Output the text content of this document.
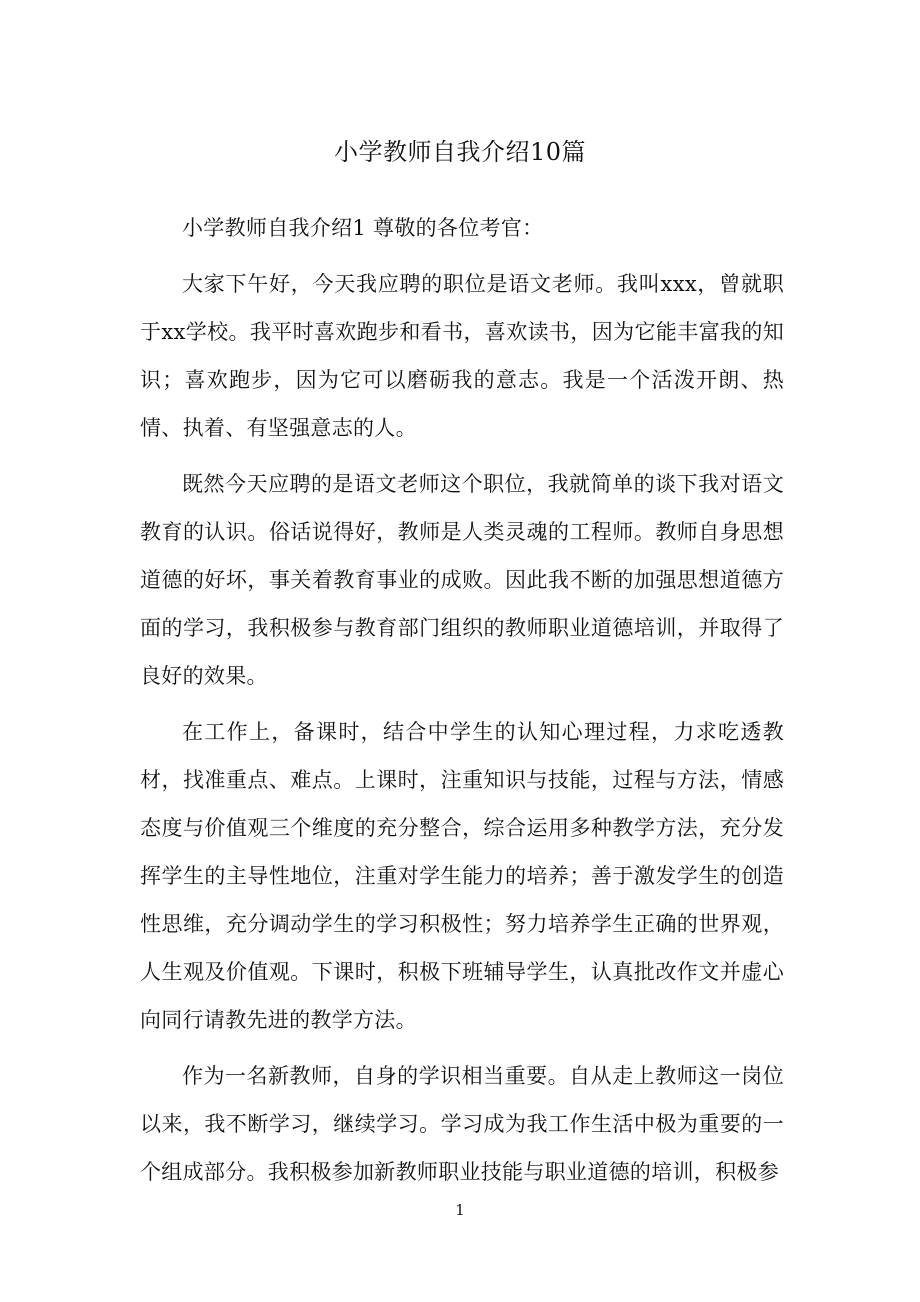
小学教师自我介绍10篇

小学教师自我介绍1 尊敬的各位考官：

大家下午好，今天我应聘的职位是语文老师。我叫xxx，曾就职于xx学校。我平时喜欢跑步和看书，喜欢读书，因为它能丰富我的知识；喜欢跑步，因为它可以磨砺我的意志。我是一个活泼开朗、热情、执着、有坚强意志的人。

既然今天应聘的是语文老师这个职位，我就简单的谈下我对语文教育的认识。俗话说得好，教师是人类灵魂的工程师。教师自身思想道德的好坏，事关着教育事业的成败。因此我不断的加强思想道德方面的学习，我积极参与教育部门组织的教师职业道德培训，并取得了良好的效果。

在工作上，备课时，结合中学生的认知心理过程，力求吃透教材，找准重点、难点。上课时，注重知识与技能，过程与方法，情感态度与价值观三个维度的充分整合，综合运用多种教学方法，充分发挥学生的主导性地位，注重对学生能力的培养；善于激发学生的创造性思维，充分调动学生的学习积极性；努力培养学生正确的世界观，人生观及价值观。下课时，积极下班辅导学生，认真批改作文并虚心向同行请教先进的教学方法。

作为一名新教师，自身的学识相当重要。自从走上教师这一岗位以来，我不断学习，继续学习。学习成为我工作生活中极为重要的一个组成部分。我积极参加新教师职业技能与职业道德的培训，积极参

1
